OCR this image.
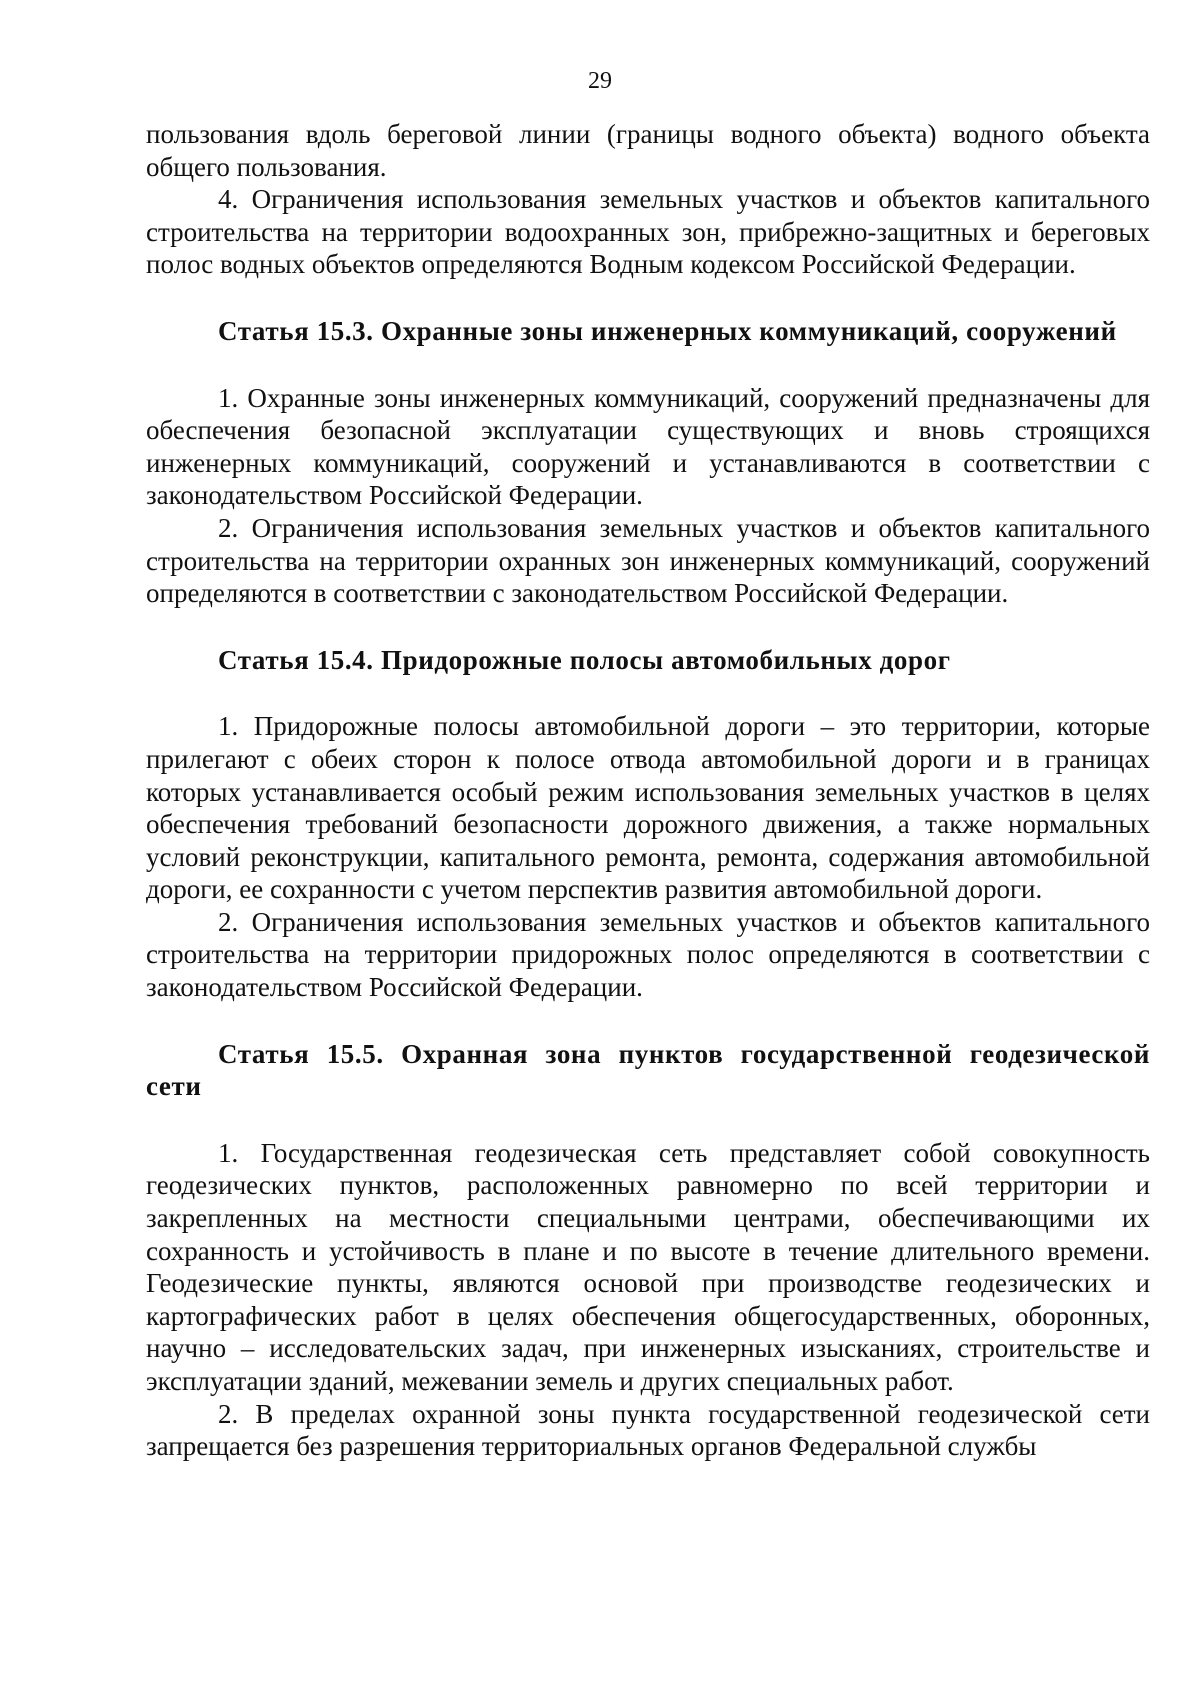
29

пользования вдоль береговой линии (границы водного объекта) водного объекта общего пользования.

4. Ограничения использования земельных участков и объектов капитального строительства на территории водоохранных зон, прибрежно-защитных и береговых полос водных объектов определяются Водным кодексом Российской Федерации.

Статья 15.3. Охранные зоны инженерных коммуникаций, сооружений

1. Охранные зоны инженерных коммуникаций, сооружений предназначены для обеспечения безопасной эксплуатации существующих и вновь строящихся инженерных коммуникаций, сооружений и устанавливаются в соответствии с законодательством Российской Федерации.

2. Ограничения использования земельных участков и объектов капитального строительства на территории охранных зон инженерных коммуникаций, сооружений определяются в соответствии с законодательством Российской Федерации.

Статья 15.4. Придорожные полосы автомобильных дорог

1. Придорожные полосы автомобильной дороги – это территории, которые прилегают с обеих сторон к полосе отвода автомобильной дороги и в границах которых устанавливается особый режим использования земельных участков в целях обеспечения требований безопасности дорожного движения, а также нормальных условий реконструкции, капитального ремонта, ремонта, содержания автомобильной дороги, ее сохранности с учетом перспектив развития автомобильной дороги.

2. Ограничения использования земельных участков и объектов капитального строительства на территории придорожных полос определяются в соответствии с законодательством Российской Федерации.

Статья 15.5. Охранная зона пунктов государственной геодезической сети

1. Государственная геодезическая сеть представляет собой совокупность геодезических пунктов, расположенных равномерно по всей территории и закрепленных на местности специальными центрами, обеспечивающими их сохранность и устойчивость в плане и по высоте в течение длительного времени. Геодезические пункты, являются основой при производстве геодезических и картографических работ в целях обеспечения общегосударственных, оборонных, научно – исследовательских задач, при инженерных изысканиях, строительстве и эксплуатации зданий, межевании земель и других специальных работ.

2. В пределах охранной зоны пункта государственной геодезической сети запрещается без разрешения территориальных органов Федеральной службы
